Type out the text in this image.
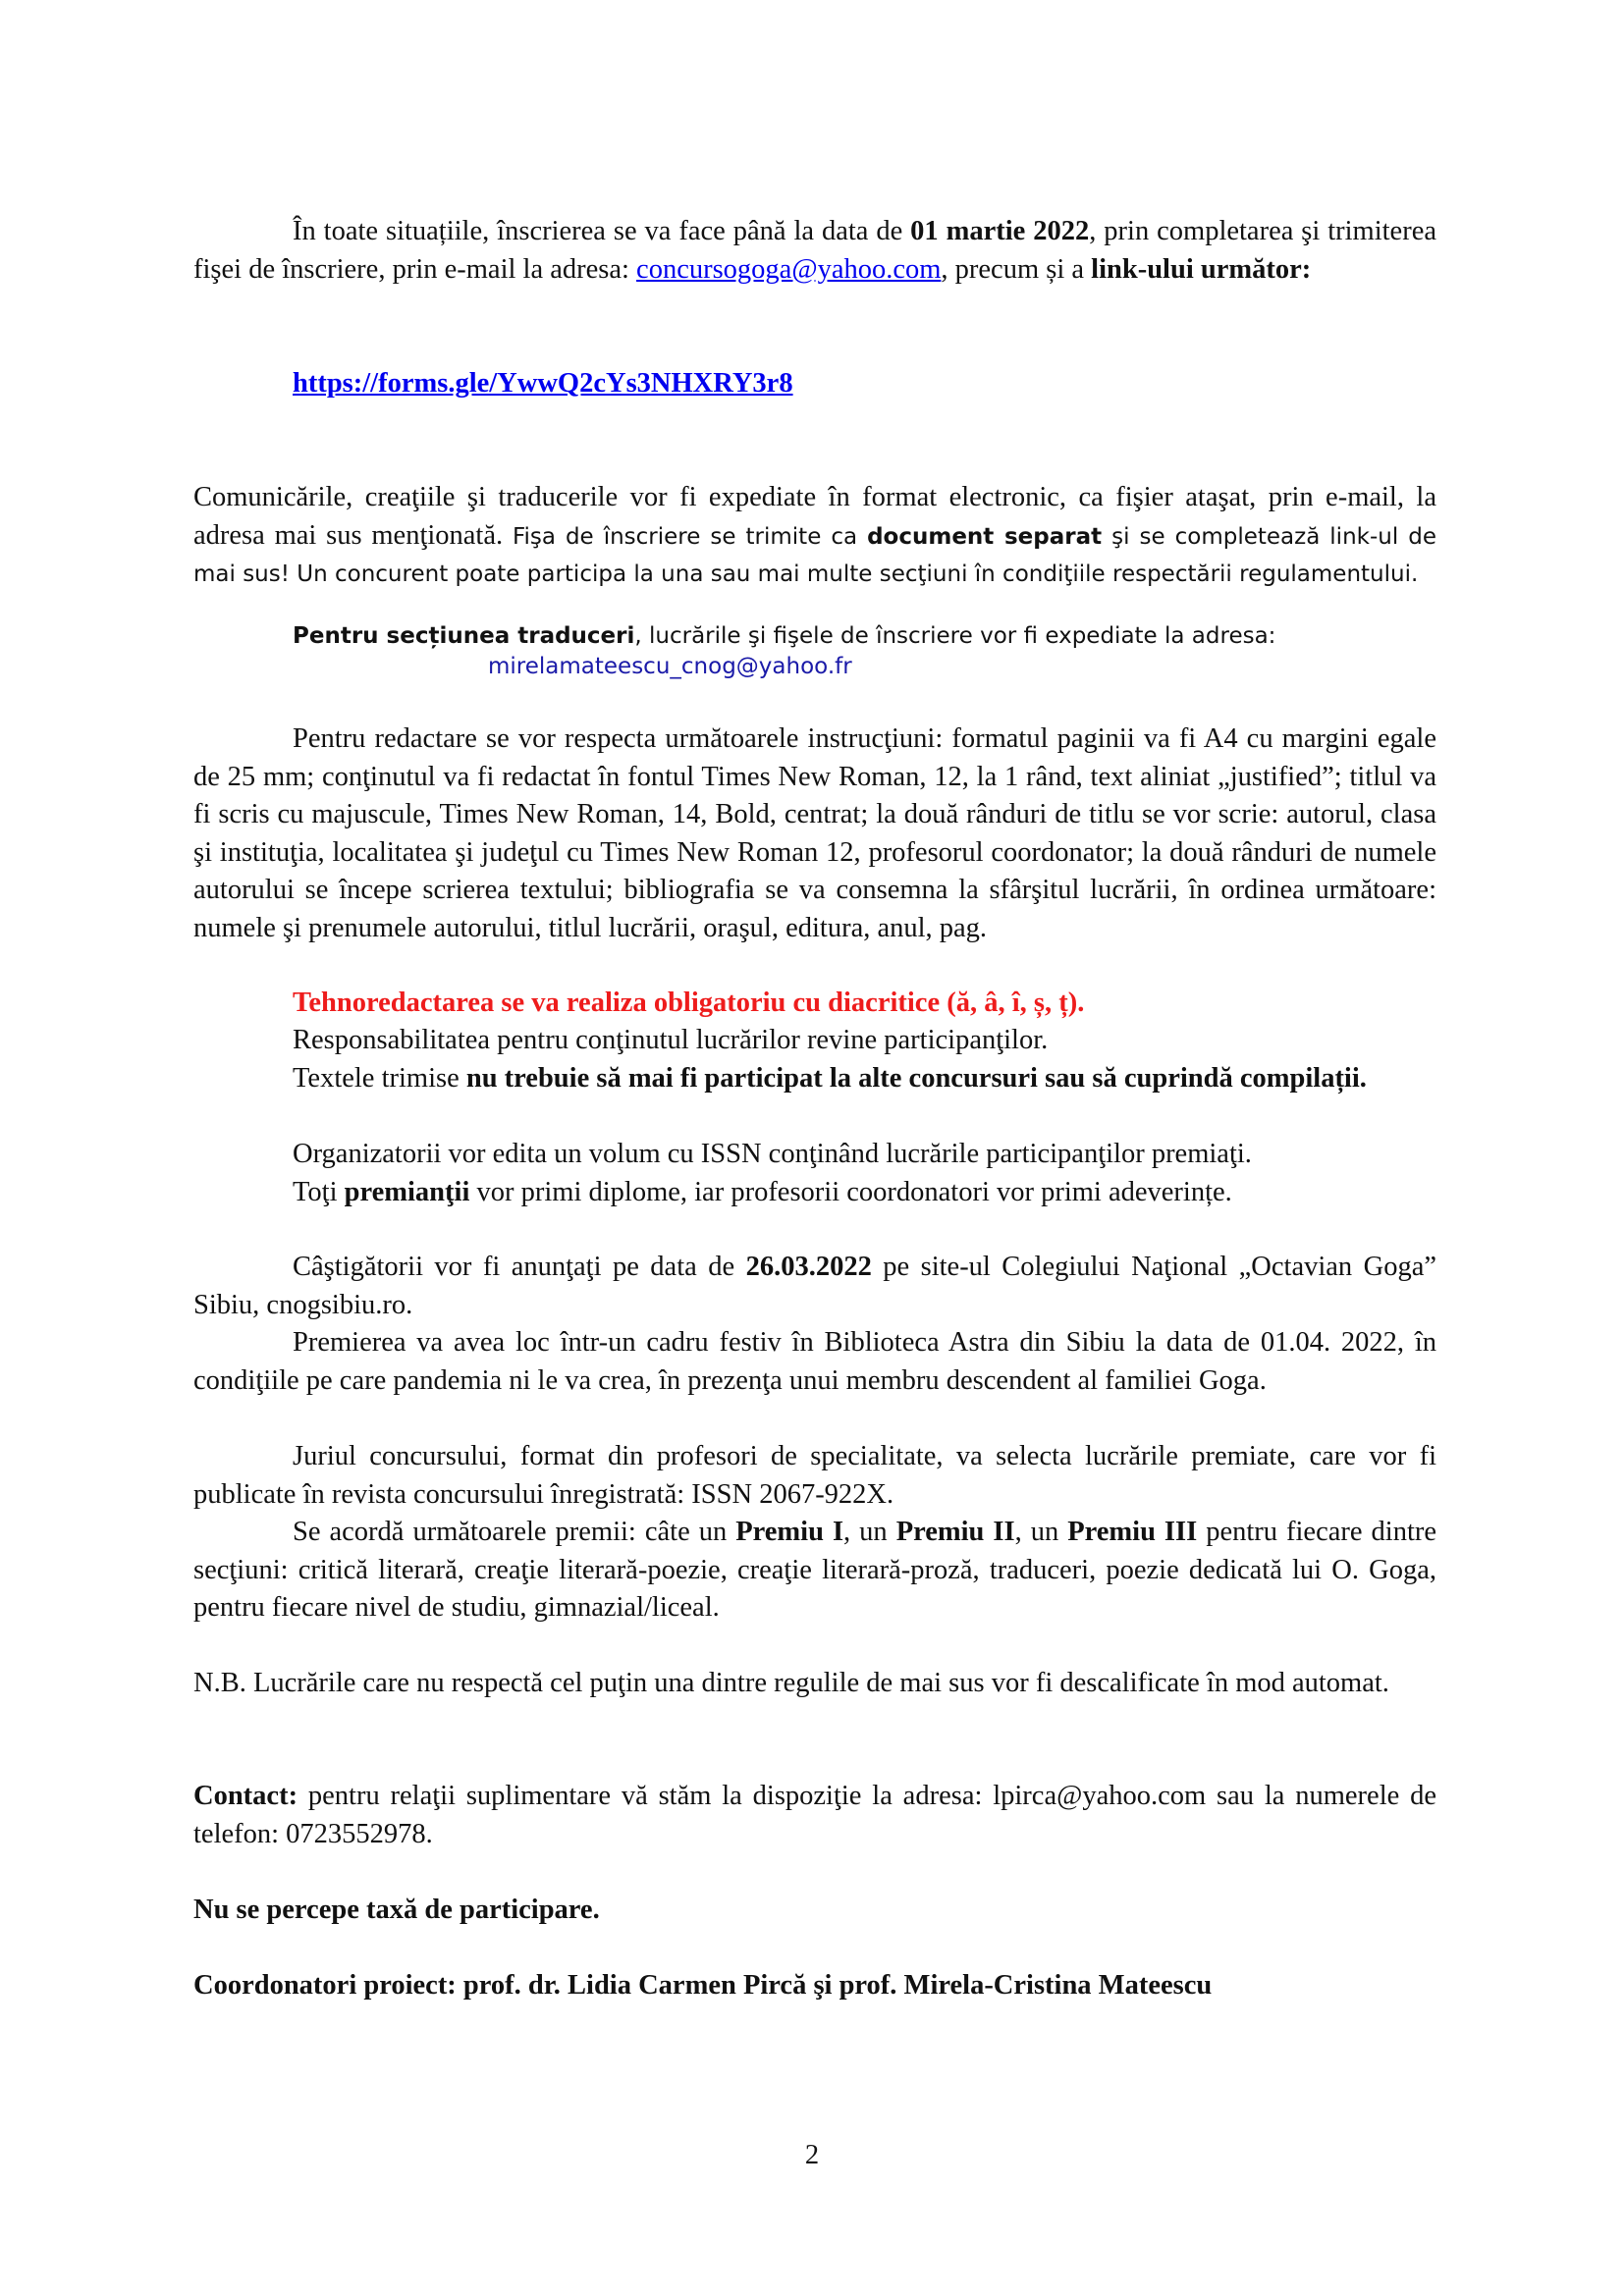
În toate situațiile, înscrierea se va face până la data de 01 martie 2022, prin completarea şi trimiterea fişei de înscriere, prin e-mail la adresa: concursogoga@yahoo.com, precum și a link-ului următor:

https://forms.gle/YwwQ2cYs3NHXRY3r8

Comunicările, creaţiile şi traducerile vor fi expediate în format electronic, ca fişier ataşat, prin e-mail, la adresa mai sus menţionată. Fişa de înscriere se trimite ca document separat şi se completează link-ul de mai sus! Un concurent poate participa la una sau mai multe secţiuni în condiţiile respectării regulamentului.

Pentru secțiunea traduceri, lucrările şi fişele de înscriere vor fi expediate la adresa:

mirelamateescu_cnog@yahoo.fr

Pentru redactare se vor respecta următoarele instrucţiuni: formatul paginii va fi A4 cu margini egale de 25 mm; conţinutul va fi redactat în fontul Times New Roman, 12, la 1 rând, text aliniat „justified”; titlul va fi scris cu majuscule, Times New Roman, 14, Bold, centrat; la două rânduri de titlu se vor scrie: autorul, clasa şi instituţia, localitatea şi judeţul cu Times New Roman 12, profesorul coordonator; la două rânduri de numele autorului se începe scrierea textului; bibliografia se va consemna la sfârşitul lucrării, în ordinea următoare: numele şi prenumele autorului, titlul lucrării, oraşul, editura, anul, pag.

Tehnoredactarea se va realiza obligatoriu cu diacritice (ă, â, î, ș, ț).

Responsabilitatea pentru conţinutul lucrărilor revine participanţilor.

Textele trimise nu trebuie să mai fi participat la alte concursuri sau să cuprindă compilații.

Organizatorii vor edita un volum cu ISSN conţinând lucrările participanţilor premiaţi.

Toţi premianţii vor primi diplome, iar profesorii coordonatori vor primi adeverințe.

Câştigătorii vor fi anunţaţi pe data de 26.03.2022 pe site-ul Colegiului Naţional „Octavian Goga” Sibiu, cnogsibiu.ro.

Premierea va avea loc într-un cadru festiv în Biblioteca Astra din Sibiu la data de 01.04. 2022, în condiţiile pe care pandemia ni le va crea, în prezenţa unui membru descendent al familiei Goga.

Juriul concursului, format din profesori de specialitate, va selecta lucrările premiate, care vor fi publicate în revista concursului înregistrată: ISSN 2067-922X.

Se acordă următoarele premii: câte un Premiu I, un Premiu II, un Premiu III pentru fiecare dintre secţiuni: critică literară, creaţie literară-poezie, creaţie literară-proză, traduceri, poezie dedicată lui O. Goga, pentru fiecare nivel de studiu, gimnazial/liceal.

N.B. Lucrările care nu respectă cel puţin una dintre regulile de mai sus vor fi descalificate în mod automat.

Contact: pentru relaţii suplimentare vă stăm la dispoziţie la adresa: lpirca@yahoo.com sau la numerele de telefon: 0723552978.

Nu se percepe taxă de participare.

Coordonatori proiect: prof. dr. Lidia Carmen Pircă şi prof. Mirela-Cristina Mateescu

2
